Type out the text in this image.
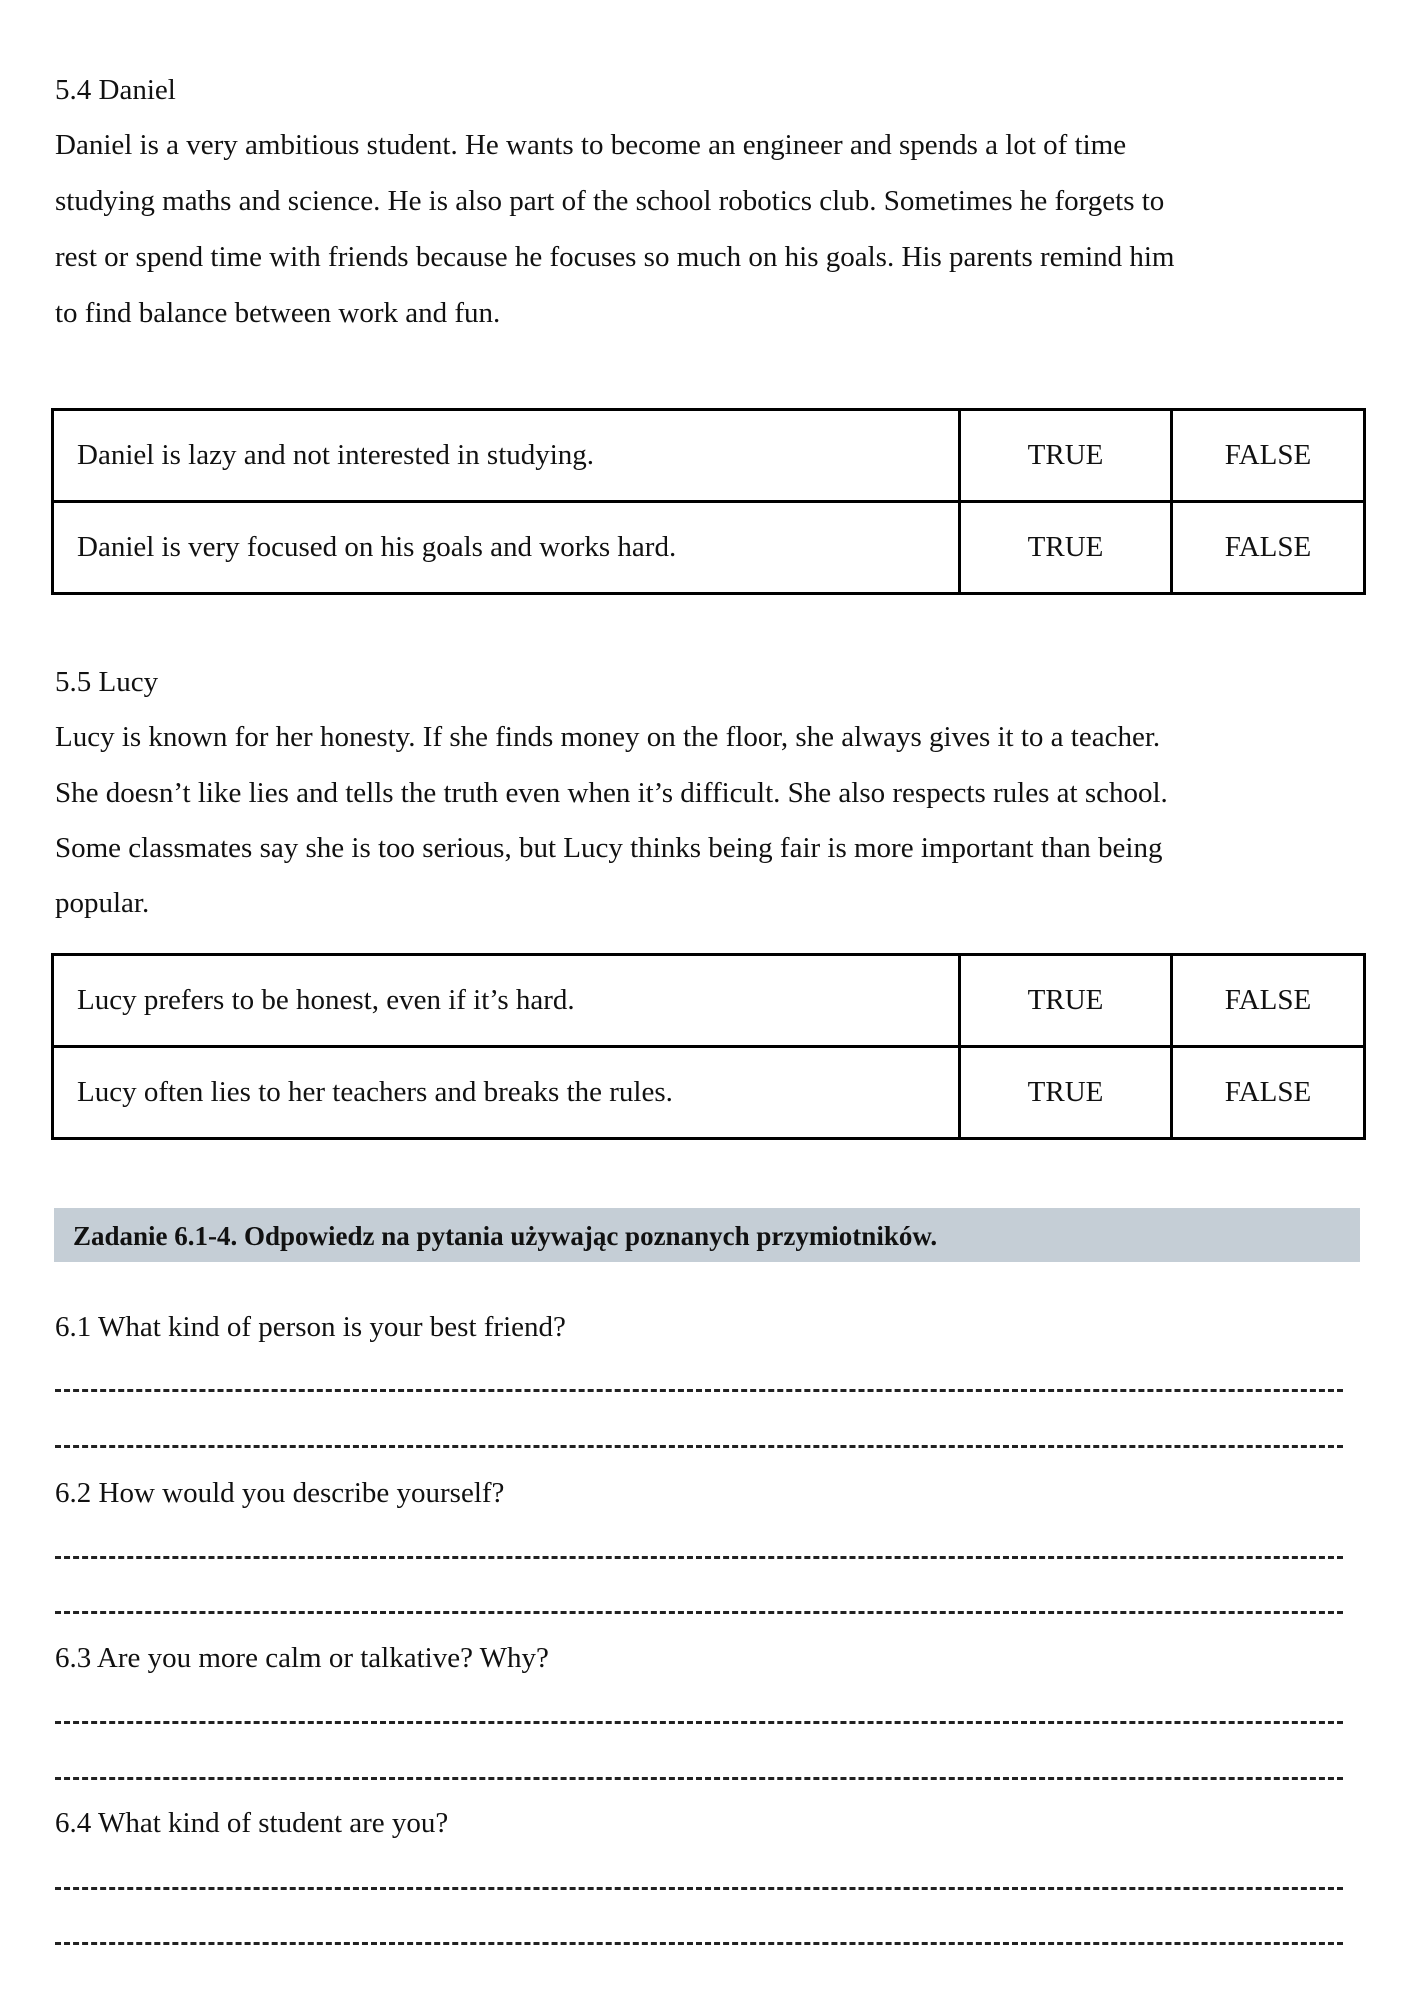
5.4 Daniel
Daniel is a very ambitious student. He wants to become an engineer and spends a lot of time
studying maths and science. He is also part of the school robotics club. Sometimes he forgets to
rest or spend time with friends because he focuses so much on his goals. His parents remind him
to find balance between work and fun.
Daniel is lazy and not interested in studying.	TRUE	FALSE
Daniel is very focused on his goals and works hard.	TRUE	FALSE
5.5 Lucy
Lucy is known for her honesty. If she finds money on the floor, she always gives it to a teacher.
She doesn’t like lies and tells the truth even when it’s difficult. She also respects rules at school.
Some classmates say she is too serious, but Lucy thinks being fair is more important than being
popular.
Lucy prefers to be honest, even if it’s hard.	TRUE	FALSE
Lucy often lies to her teachers and breaks the rules.	TRUE	FALSE
Zadanie 6.1-4. Odpowiedz na pytania używając poznanych przymiotników.
6.1 What kind of person is your best friend?
6.2 How would you describe yourself?
6.3 Are you more calm or talkative? Why?
6.4 What kind of student are you?
